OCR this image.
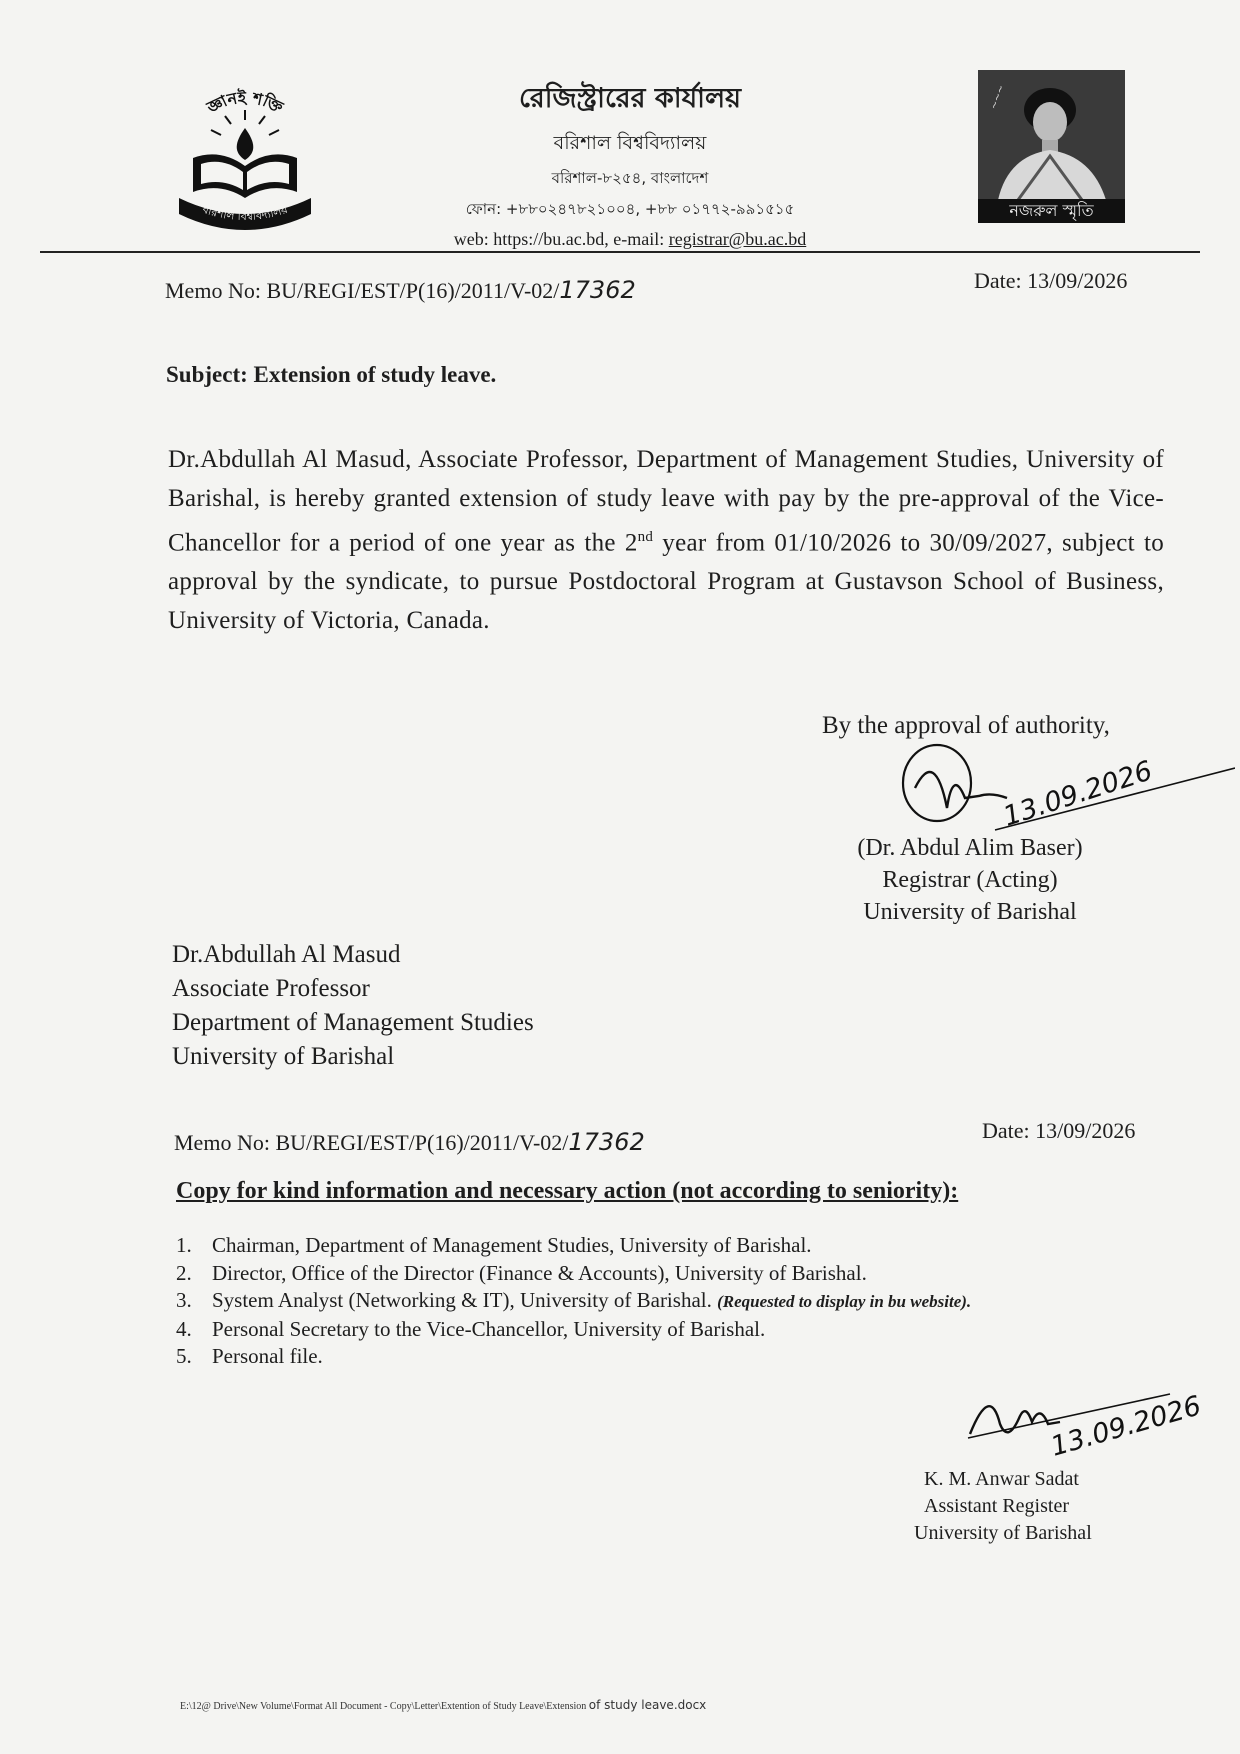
জ্ঞানই শক্তি
বরিশাল বিশ্ববিদ্যালয়
রেজিস্ট্রারের কার্যালয়
বরিশাল বিশ্ববিদ্যালয়
বরিশাল-৮২৫৪, বাংলাদেশ
ফোন: +৮৮০২৪৭৮২১০০৪, +৮৮ ০১৭৭২-৯৯১৫১৫
web: https://bu.ac.bd, e-mail: registrar@bu.ac.bd
~~~
নজরুল স্মৃতি
Memo No: BU/REGI/EST/P(16)/2011/V-02/17362	Date: 13/09/2026
Subject: Extension of study leave.
Dr.Abdullah Al Masud, Associate Professor, Department of Management Studies, University of Barishal, is hereby granted extension of study leave with pay by the pre-approval of the Vice-Chancellor for a period of one year as the 2nd year from 01/10/2026 to 30/09/2027, subject to approval by the syndicate, to pursue Postdoctoral Program at Gustavson School of Business, University of Victoria, Canada.
By the approval of authority,
13.09.2026
(Dr. Abdul Alim Baser)
Registrar (Acting)
University of Barishal
Dr.Abdullah Al Masud
Associate Professor
Department of Management Studies
University of Barishal
Memo No: BU/REGI/EST/P(16)/2011/V-02/17362	Date: 13/09/2026
Copy for kind information and necessary action (not according to seniority):
1. Chairman, Department of Management Studies, University of Barishal.
2. Director, Office of the Director (Finance & Accounts), University of Barishal.
3. System Analyst (Networking & IT), University of Barishal. (Requested to display in bu website).
4. Personal Secretary to the Vice-Chancellor, University of Barishal.
5. Personal file.
13.09.2026
K. M. Anwar Sadat
Assistant Register
University of Barishal
E:\12@ Drive\New Volume\Format All Document - Copy\Letter\Extention of Study Leave\Extension of study leave.docx
